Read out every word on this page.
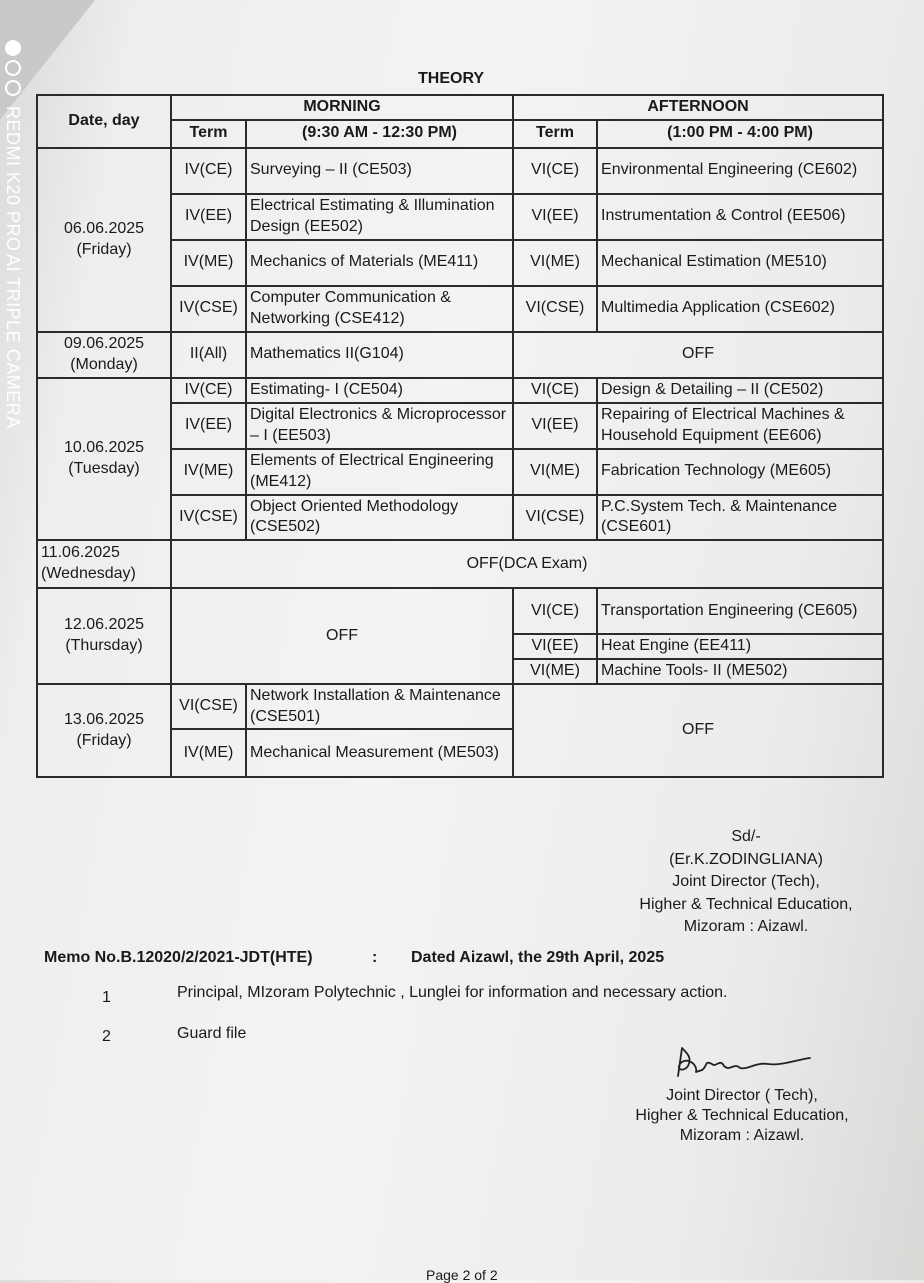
REDMI K20 PRO
AI TRIPLE CAMERA
THEORY
Date, day	MORNING		AFTERNOON	
	Term	(9:30 AM - 12:30 PM)	Term	(1:00 PM - 4:00 PM)

06.06.2025
(Friday)	IV(CE)	Surveying – II (CE503)	VI(CE)	Environmental Engineering (CE602)
	IV(EE)	Electrical Estimating & Illumination Design (EE502)	VI(EE)	Instrumentation & Control (EE506)
	IV(ME)	Mechanics of Materials (ME411)	VI(ME)	Mechanical Estimation (ME510)
	IV(CSE)	Computer Communication & Networking (CSE412)	VI(CSE)	Multimedia Application (CSE602)

09.06.2025
(Monday)	II(All)	Mathematics II(G104)	OFF	

10.06.2025
(Tuesday)	IV(CE)	Estimating- I (CE504)	VI(CE)	Design & Detailing – II (CE502)
	IV(EE)	Digital Electronics & Microprocessor – I (EE503)	VI(EE)	Repairing of Electrical Machines & Household Equipment (EE606)
	IV(ME)	Elements of Electrical Engineering (ME412)	VI(ME)	Fabrication Technology (ME605)
	IV(CSE)	Object Oriented Methodology (CSE502)	VI(CSE)	P.C.System Tech. & Maintenance (CSE601)

11.06.2025
(Wednesday)	OFF(DCA Exam)			

12.06.2025
(Thursday)	OFF		VI(CE)	Transportation Engineering (CE605)
			VI(EE)	Heat Engine (EE411)
			VI(ME)	Machine Tools- II (ME502)

13.06.2025
(Friday)	VI(CSE)	Network Installation & Maintenance (CSE501)	OFF	
	IV(ME)	Mechanical Measurement (ME503)		
Sd/-
(Er.K.ZODINGLIANA)
Joint Director (Tech),
Higher & Technical Education,
Mizoram : Aizawl.
Memo No.B.12020/2/2021-JDT(HTE)	: Dated Aizawl, the 29th April, 2025
1	Principal, MIzoram Polytechnic , Lunglei for information and necessary action.
2	Guard file
Joint Director ( Tech),
Higher & Technical Education,
Mizoram : Aizawl.
Page 2 of 2
